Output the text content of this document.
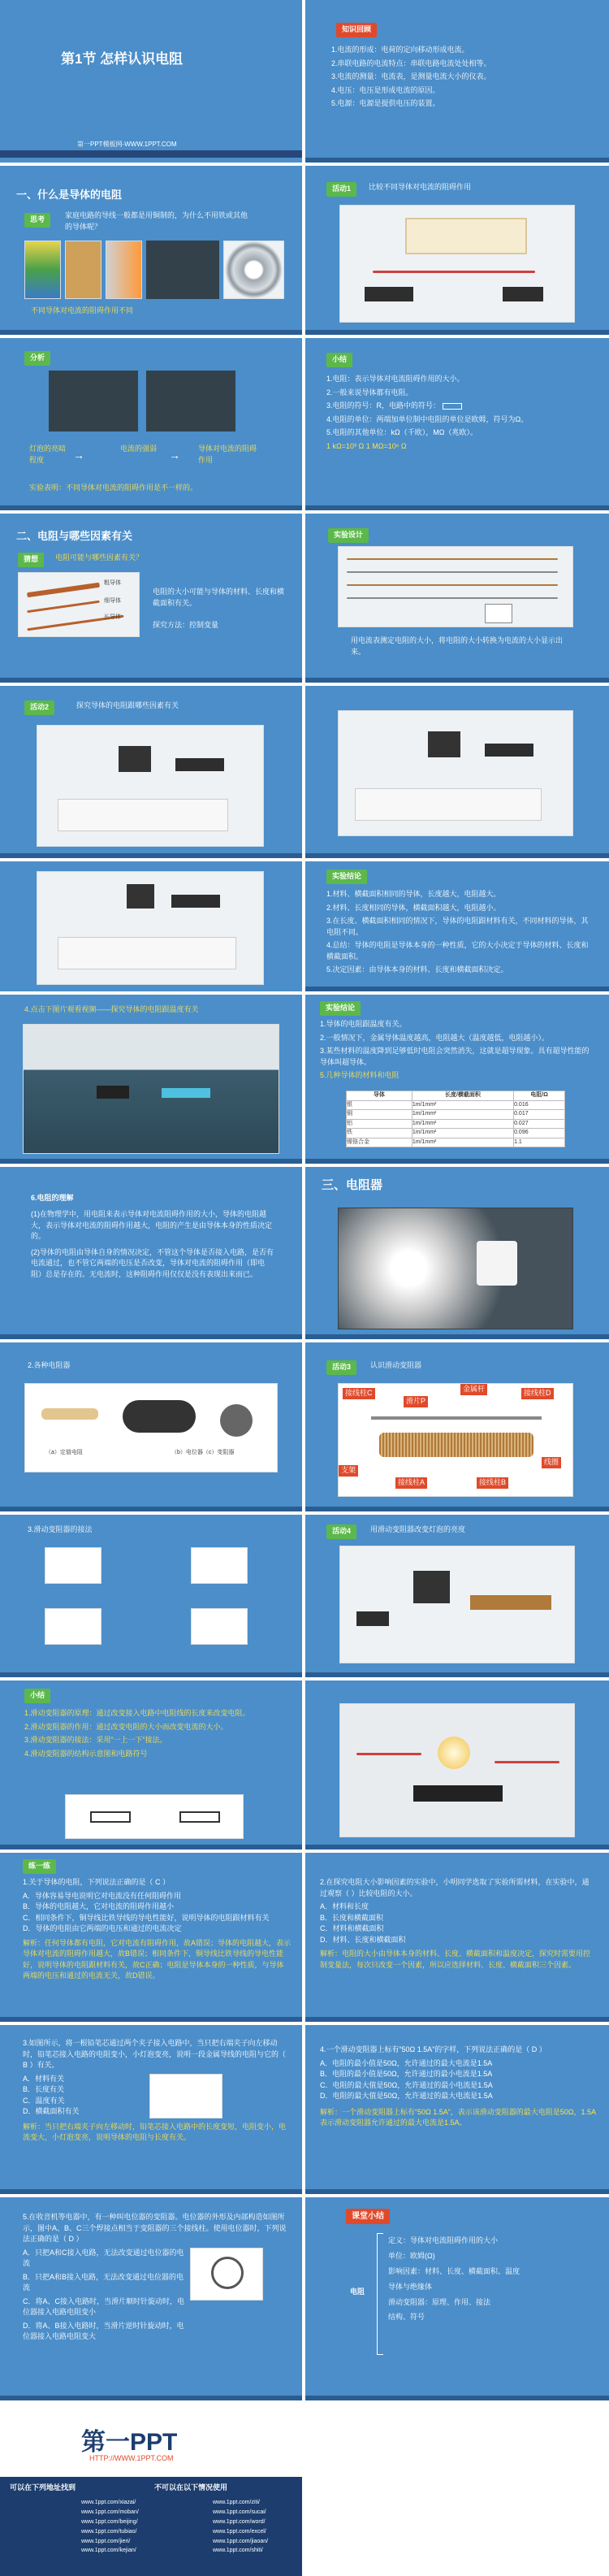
第1节 怎样认识电阻
第一PPT模板网-WWW.1PPT.COM
知识回顾
1.电流的形成：电荷的定向移动形成电流。
2.串联电路的电流特点：串联电路电流处处相等。
3.电流的测量：电流表，是测量电流大小的仪表。
4.电压：电压是形成电流的原因。
5.电源：电源是提供电压的装置。
一、什么是导体的电阻
思考	家庭电路的导线一般都是用铜制的，为什么不用铁或其他的导体呢？
不同导体对电流的阻碍作用不同
活动1	比较不同导体对电流的阻碍作用
分析
灯泡的亮暗程度	→	电流的强弱 → 导体对电流的阻碍作用
实验表明：不同导体对电流的阻碍作用是不一样的。
小结
1.电阻：表示导体对电流阻碍作用的大小。
2.一般来说导体都有电阻。
3.电阻的符号：R，电路中的符号：
4.电阻的单位：两端加单位制中电阻的单位是欧姆，符号为Ω。
5.电阻的其他单位：kΩ（千欧），MΩ（兆欧）。
1 kΩ=10³ Ω 1 MΩ=10⁶ Ω
二、电阻与哪些因素有关
猜想	电阻可能与哪些因素有关？
粗导体
细导体
长导体
电阻的大小可能与导体的材料、长度和横截面积有关。
探究方法：控制变量
实验设计
用电流表测定电阻的大小，将电阻的大小转换为电流的大小显示出来。
活动2	探究导体的电阻跟哪些因素有关
实验结论
1.材料、横截面积相同的导体，长度越大，电阻越大。
2.材料、长度相同的导体，横截面积越大，电阻越小。
3.在长度、横截面积相同的情况下，导体的电阻跟材料有关，不同材料的导体，其电阻不同。
4.总结：导体的电阻是导体本身的一种性质，它的大小决定于导体的材料、长度和横截面积。
5.决定因素：由导体本身的材料、长度和横截面积决定。
4.点击下图片观看视频——探究导体的电阻跟温度有关	实验结论
1.导体的电阻跟温度有关。
2.一般情况下，金属导体温度越高，电阻越大（温度越低，电阻越小）。
3.某些材料的温度降到足够低时电阻会突然消失，这就是超导现象。具有超导性能的导体叫超导体。
5.几种导体的材料和电阻
导体	长度/横截面积	电阻/Ω
银	1m/1mm²	0.016
铜	1m/1mm²	0.017
铝	1m/1mm²	0.027
铁	1m/1mm²	0.096
镍铬合金	1m/1mm²	1.1
6.电阻的理解
(1)在物理学中，用电阻来表示导体对电流阻碍作用的大小，导体的电阻越大，表示导体对电流的阻碍作用越大，电阻的产生是由导体本身的性质决定的。
(2)导体的电阻由导体自身的情况决定，不管这个导体是否接入电路，是否有电流通过，也不管它两端的电压是否改变，导体对电流的阻碍作用（即电阻）总是存在的。无电流时，这种阻碍作用仅仅是没有表现出来而已。
三、电阻器
2.各种电阻器
（a）定值电阻	（b）电位器（c）变阻器
活动3	认识滑动变阻器
接线柱C
滑片P
金属杆	接线柱D
支架
线圈
接线柱A	接线柱B
3.滑动变阻器的接法	活动4	用滑动变阻器改变灯泡的亮度
小结
1.滑动变阻器的原理：通过改变接入电路中电阻线的长度来改变电阻。
2.滑动变阻器的作用：通过改变电阻的大小而改变电流的大小。
3.滑动变阻器的接法：采用“一上一下”接法。
4.滑动变阻器的结构示意图和电路符号
练一练
1.关于导体的电阻，下列说法正确的是（ C ）
A．导体容易导电说明它对电流没有任何阻碍作用
B．导体的电阻越大，它对电流的阻碍作用越小
C．相同条件下，铜导线比铁导线的导电性能好，说明导体的电阻跟材料有关
D．导体的电阻由它两端的电压和通过的电流决定
解析：任何导体都有电阻，它对电流有阻碍作用，故A错误；导体的电阻越大，表示导体对电流的阻碍作用越大，故B错误；相同条件下，铜导线比铁导线的导电性能好，说明导体的电阻跟材料有关，故C正确；电阻是导体本身的一种性质，与导体两端的电压和通过的电流无关，故D错误。
2.在探究电阻大小影响因素的实验中，小明同学选取了实验所需材料，在实验中，通过观察（ ）比较电阻的大小。
A．材料和长度
B．长度和横截面积
C．材料和横截面积
D．材料、长度和横截面积
解析：电阻的大小由导体本身的材料、长度、横截面积和温度决定，探究时需要用控制变量法，每次只改变一个因素，所以应选择材料、长度、横截面积三个因素。
3.如图所示，将一根铅笔芯通过两个夹子接入电路中，当只把右端夹子向左移动时，铅笔芯接入电路的电阻变小，小灯泡变亮，说明一段金属导线的电阻与它的（ B ）有关。
A．材料有关
B．长度有关
C．温度有关
D．横截面积有关
解析：当只把右端夹子向左移动时，铅笔芯接入电路中的长度变短，电阻变小，电流变大，小灯泡变亮，说明导体的电阻与长度有关。
4.一个滑动变阻器上标有“50Ω 1.5A”的字样，下列说法正确的是（ D ）
A．电阻的最小值是50Ω，允许通过的最大电流是1.5A
B．电阻的最小值是50Ω，允许通过的最小电流是1.5A
C．电阻的最大值是50Ω，允许通过的最小电流是1.5A
D．电阻的最大值是50Ω，允许通过的最大电流是1.5A
解析：一个滑动变阻器上标有“50Ω 1.5A”，表示该滑动变阻器的最大电阻是50Ω，1.5A表示滑动变阻器允许通过的最大电流是1.5A。
5.在收音机等电器中，有一种叫电位器的变阻器。电位器的外形及内部构造如图所示，图中A、B、C三个焊接点相当于变阻器的三个接线柱。使用电位器时，下列说法正确的是（ D ）
A．只把A和C接入电路，无法改变通过电位器的电流
B．只把A和B接入电路，无法改变通过电位器的电流
C．将A、C接入电路时，当滑片顺时针旋动时，电位器接入电路电阻变小
D．将A、B接入电路时，当滑片逆时针旋动时，电位器接入电路电阻变大
课堂小结
电阻
定义：导体对电流阻碍作用的大小
单位：欧姆(Ω)
影响因素：材料、长度、横截面积、温度
导体与绝缘体
滑动变阻器：原理、作用、接法
结构、符号
第一PPT
HTTP://WWW.1PPT.COM
可以在下列地址找到	不可以在以下情况使用
www.1ppt.com/xiazai/
www.1ppt.com/moban/
www.1ppt.com/beijing/
www.1ppt.com/tubiao/
www.1ppt.com/jieri/
www.1ppt.com/kejian/
www.1ppt.com/ziti/
www.1ppt.com/sucai/
www.1ppt.com/word/
www.1ppt.com/excel/
www.1ppt.com/jiaoan/
www.1ppt.com/shiti/
